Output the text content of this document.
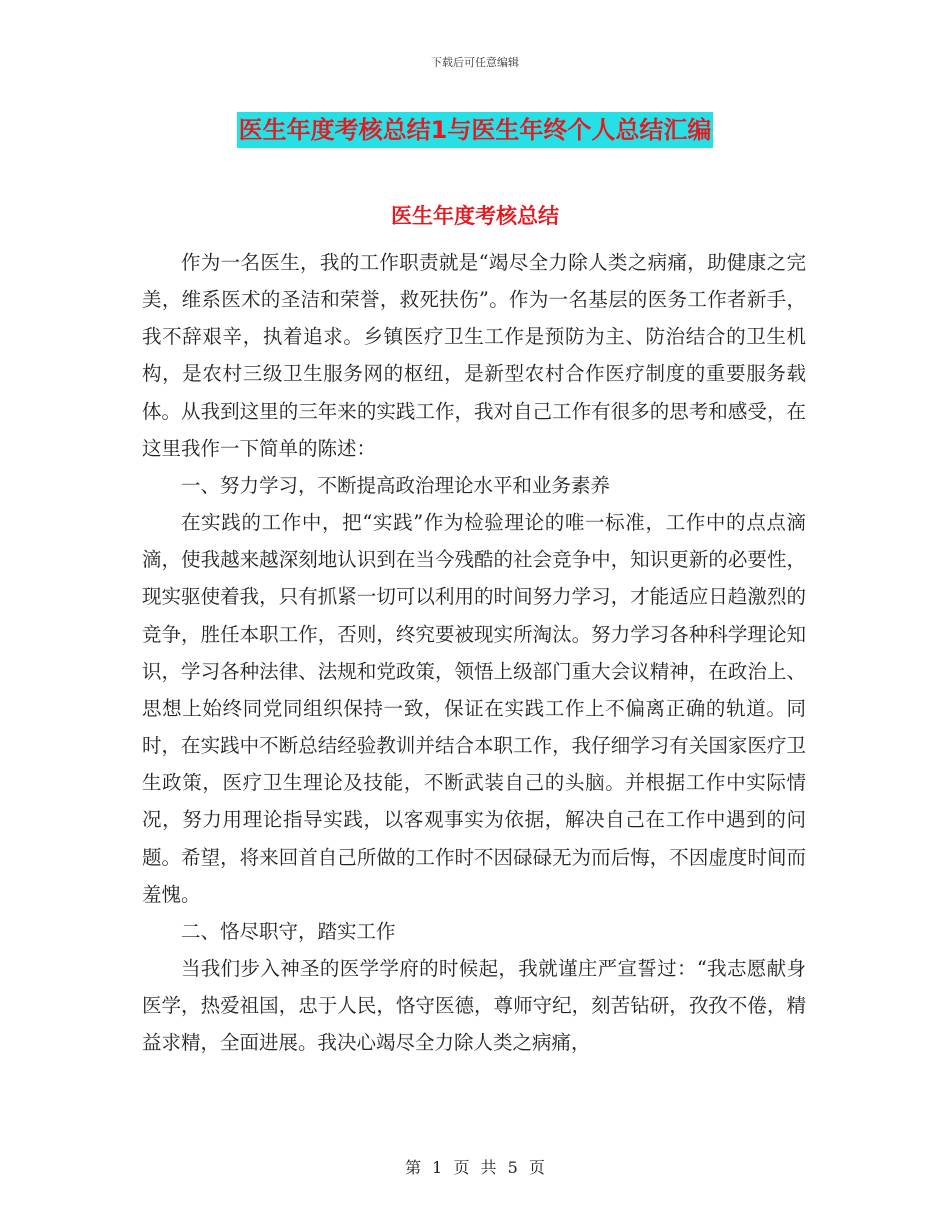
下载后可任意编辑
医生年度考核总结1与医生年终个人总结汇编
医生年度考核总结

作为一名医生，我的工作职责就是“竭尽全力除人类之病痛，助健康之完美，维系医术的圣洁和荣誉，救死扶伤”。作为一名基层的医务工作者新手，我不辞艰辛，执着追求。乡镇医疗卫生工作是预防为主、防治结合的卫生机构，是农村三级卫生服务网的枢纽，是新型农村合作医疗制度的重要服务载体。从我到这里的三年来的实践工作，我对自己工作有很多的思考和感受，在这里我作一下简单的陈述：

一、努力学习，不断提高政治理论水平和业务素养

在实践的工作中，把“实践”作为检验理论的唯一标准，工作中的点点滴滴，使我越来越深刻地认识到在当今残酷的社会竞争中，知识更新的必要性，现实驱使着我，只有抓紧一切可以利用的时间努力学习，才能适应日趋激烈的竞争，胜任本职工作，否则，终究要被现实所淘汰。努力学习各种科学理论知识，学习各种法律、法规和党政策，领悟上级部门重大会议精神，在政治上、思想上始终同党同组织保持一致，保证在实践工作上不偏离正确的轨道。同时，在实践中不断总结经验教训并结合本职工作，我仔细学习有关国家医疗卫生政策，医疗卫生理论及技能，不断武装自己的头脑。并根据工作中实际情况，努力用理论指导实践，以客观事实为依据，解决自己在工作中遇到的问题。希望，将来回首自己所做的工作时不因碌碌无为而后悔，不因虚度时间而羞愧。

二、恪尽职守，踏实工作

当我们步入神圣的医学学府的时候起，我就谨庄严宣誓过：“我志愿献身医学，热爱祖国，忠于人民，恪守医德，尊师守纪，刻苦钻研，孜孜不倦，精益求精，全面进展。我决心竭尽全力除人类之病痛，

第 1 页 共 5 页
